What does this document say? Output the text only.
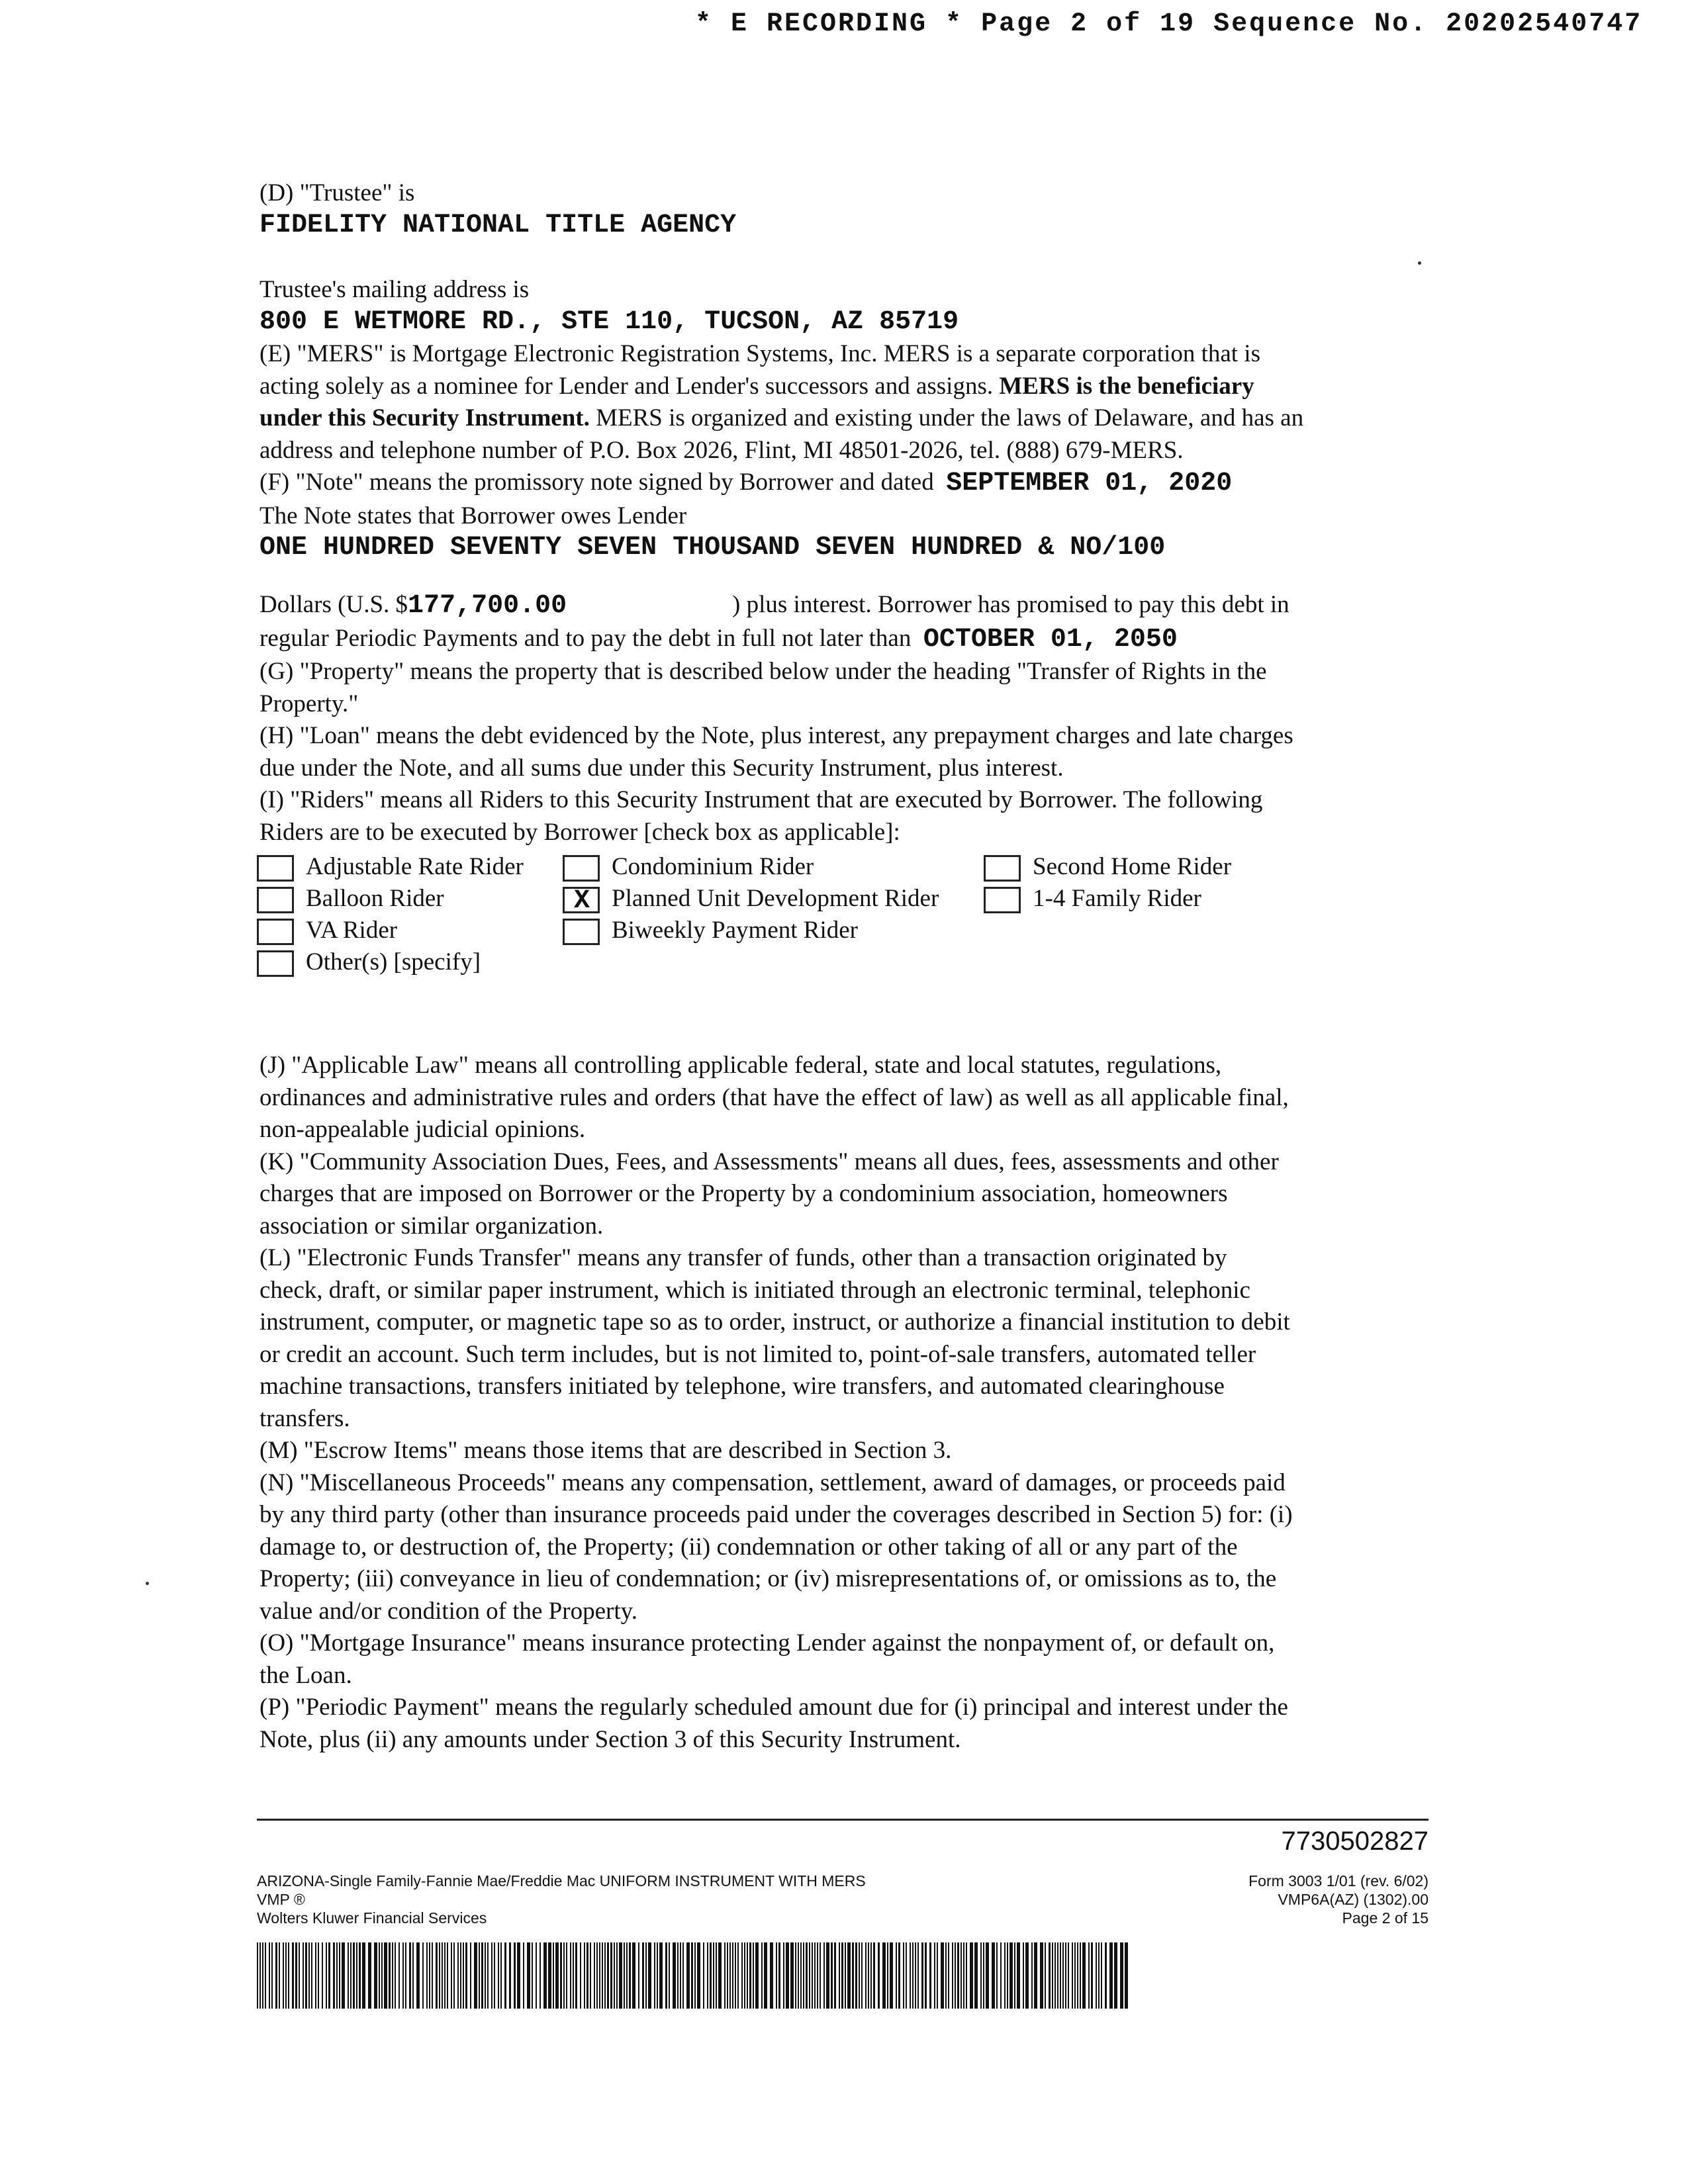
* E RECORDING * Page 2 of 19 Sequence No. 20202540747
(D) "Trustee" is
FIDELITY NATIONAL TITLE AGENCY
Trustee's mailing address is
800 E WETMORE RD., STE 110, TUCSON, AZ 85719
(E) "MERS" is Mortgage Electronic Registration Systems, Inc. MERS is a separate corporation that is
acting solely as a nominee for Lender and Lender's successors and assigns. MERS is the beneficiary
under this Security Instrument. MERS is organized and existing under the laws of Delaware, and has an
address and telephone number of P.O. Box 2026, Flint, MI 48501-2026, tel. (888) 679-MERS.
(F) "Note" means the promissory note signed by Borrower and dated SEPTEMBER 01, 2020
The Note states that Borrower owes Lender
ONE HUNDRED SEVENTY SEVEN THOUSAND SEVEN HUNDRED & NO/100
Dollars (U.S. $177,700.00	) plus interest. Borrower has promised to pay this debt in
regular Periodic Payments and to pay the debt in full not later than OCTOBER 01, 2050
(G) "Property" means the property that is described below under the heading "Transfer of Rights in the
Property."
(H) "Loan" means the debt evidenced by the Note, plus interest, any prepayment charges and late charges
due under the Note, and all sums due under this Security Instrument, plus interest.
(I) "Riders" means all Riders to this Security Instrument that are executed by Borrower. The following
Riders are to be executed by Borrower [check box as applicable]:
Adjustable Rate Rider	Condominium Rider	Second Home Rider
Balloon Rider	X Planned Unit Development Rider	1-4 Family Rider
VA Rider	Biweekly Payment Rider
Other(s) [specify]
(J) "Applicable Law" means all controlling applicable federal, state and local statutes, regulations,
ordinances and administrative rules and orders (that have the effect of law) as well as all applicable final,
non-appealable judicial opinions.
(K) "Community Association Dues, Fees, and Assessments" means all dues, fees, assessments and other
charges that are imposed on Borrower or the Property by a condominium association, homeowners
association or similar organization.
(L) "Electronic Funds Transfer" means any transfer of funds, other than a transaction originated by
check, draft, or similar paper instrument, which is initiated through an electronic terminal, telephonic
instrument, computer, or magnetic tape so as to order, instruct, or authorize a financial institution to debit
or credit an account. Such term includes, but is not limited to, point-of-sale transfers, automated teller
machine transactions, transfers initiated by telephone, wire transfers, and automated clearinghouse
transfers.
(M) "Escrow Items" means those items that are described in Section 3.
(N) "Miscellaneous Proceeds" means any compensation, settlement, award of damages, or proceeds paid
by any third party (other than insurance proceeds paid under the coverages described in Section 5) for: (i)
damage to, or destruction of, the Property; (ii) condemnation or other taking of all or any part of the
Property; (iii) conveyance in lieu of condemnation; or (iv) misrepresentations of, or omissions as to, the
value and/or condition of the Property.
(O) "Mortgage Insurance" means insurance protecting Lender against the nonpayment of, or default on,
the Loan.
(P) "Periodic Payment" means the regularly scheduled amount due for (i) principal and interest under the
Note, plus (ii) any amounts under Section 3 of this Security Instrument.
7730502827
ARIZONA-Single Family-Fannie Mae/Freddie Mac UNIFORM INSTRUMENT WITH MERS
VMP ®
Wolters Kluwer Financial Services
Form 3003 1/01 (rev. 6/02)
VMP6A(AZ) (1302).00
Page 2 of 15
